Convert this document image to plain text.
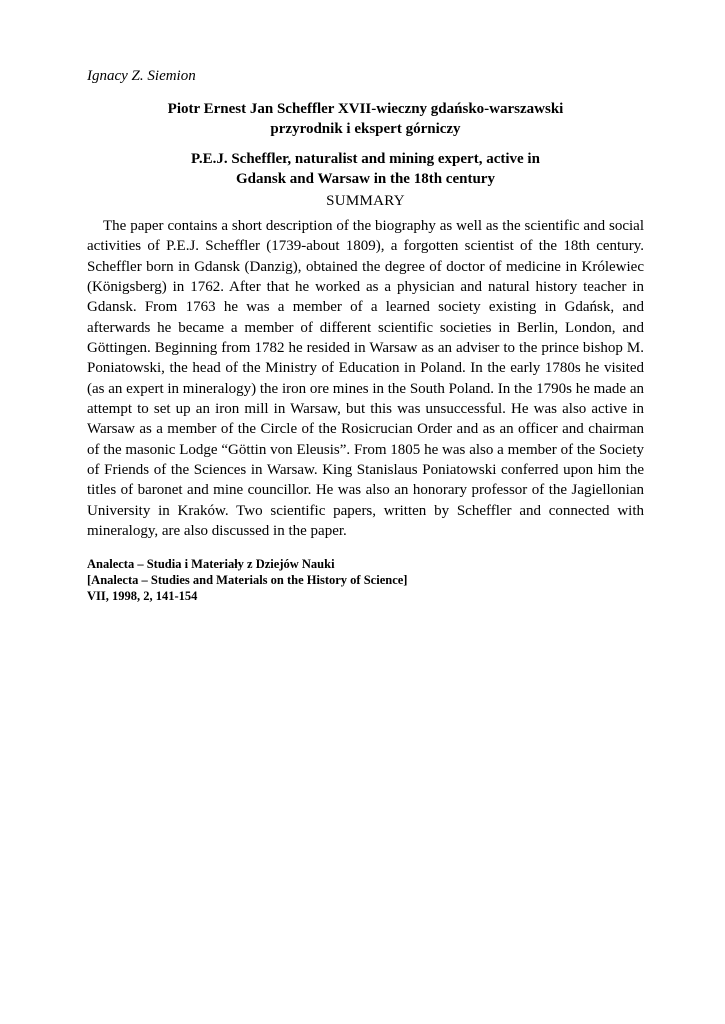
Ignacy Z. Siemion

Piotr Ernest Jan Scheffler XVII-wieczny gdańsko-warszawski
przyrodnik i ekspert górniczy
P.E.J. Scheffler, naturalist and mining expert, active in
Gdansk and Warsaw in the 18th century

SUMMARY

The paper contains a short description of the biography as well as the scientific and social activities of P.E.J. Scheffler (1739-about 1809), a forgotten scientist of the 18th century. Scheffler born in Gdansk (Danzig), obtained the degree of doctor of medicine in Królewiec (Königsberg) in 1762. After that he worked as a physician and natural history teacher in Gdansk. From 1763 he was a member of a learned society existing in Gdańsk, and afterwards he became a member of different scientific societies in Berlin, London, and Göttingen. Beginning from 1782 he resided in Warsaw as an adviser to the prince bishop M. Poniatowski, the head of the Ministry of Education in Poland. In the early 1780s he visited (as an expert in mineralogy) the iron ore mines in the South Poland. In the 1790s he made an attempt to set up an iron mill in Warsaw, but this was unsuccessful. He was also active in Warsaw as a member of the Circle of the Rosicrucian Order and as an officer and chairman of the masonic Lodge “Göttin von Eleusis”. From 1805 he was also a member of the Society of Friends of the Sciences in Warsaw. King Stanislaus Poniatowski conferred upon him the titles of baronet and mine councillor. He was also an honorary professor of the Jagiellonian University in Kraków. Two scientific papers, written by Scheffler and connected with mineralogy, are also discussed in the paper.

Analecta – Studia i Materiały z Dziejów Nauki
[Analecta – Studies and Materials on the History of Science]
VII, 1998, 2, 141-154
